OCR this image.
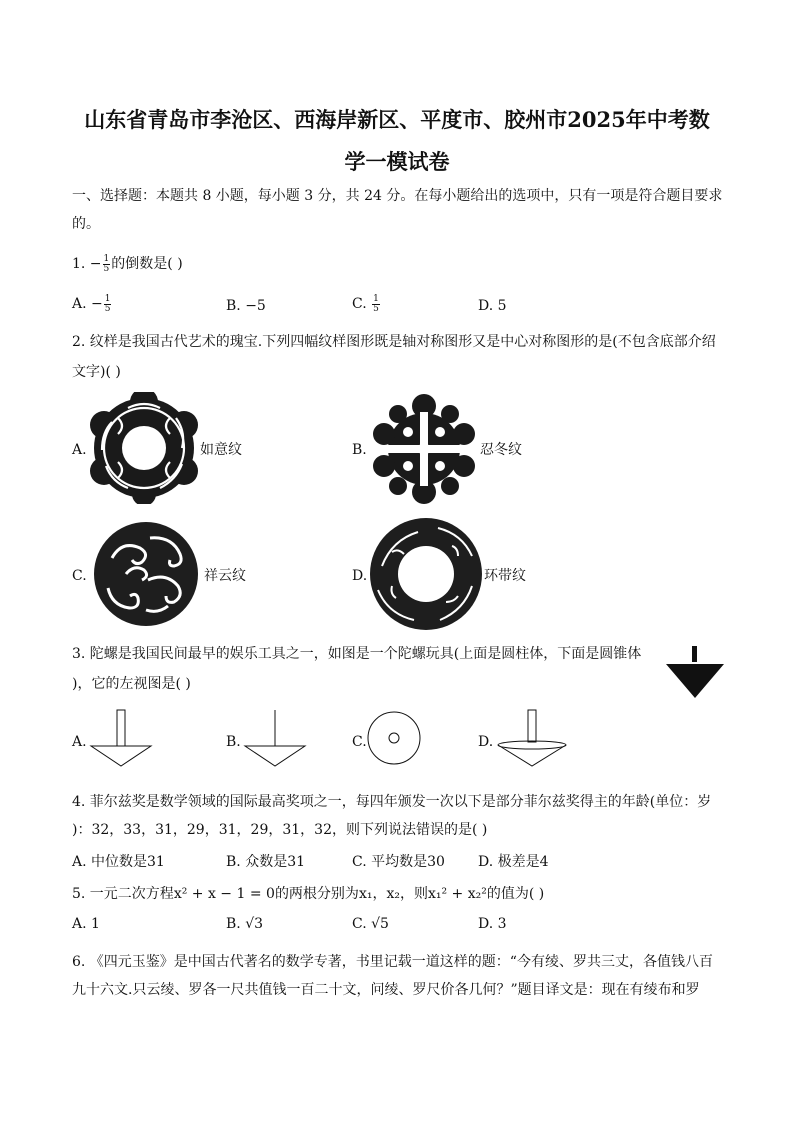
山东省青岛市李沧区、西海岸新区、平度市、胶州市2025年中考数
学一模试卷
一、选择题：本题共 8 小题，每小题 3 分，共 24 分。在每小题给出的选项中，只有一项是符合题目要求
的。
1. − $\frac{1}{5}$ 的倒数是( )
A. − $\frac{1}{5}$	B. −5	C. $\frac{1}{5}$	D. 5
2. 纹样是我国古代艺术的瑰宝.下列四幅纹样图形既是轴对称图形又是中心对称图形的是(不包含底部介绍
文字)( )
A.	如意纹	B.	忍冬纹
C.	祥云纹	D.	环带纹
3. 陀螺是我国民间最早的娱乐工具之一，如图是一个陀螺玩具(上面是圆柱体，下面是圆锥体
)，它的左视图是( )
A.	B.	C.	D.
4. 菲尔兹奖是数学领域的国际最高奖项之一，每四年颁发一次以下是部分菲尔兹奖得主的年龄(单位：岁
)：32，33，31，29，31，29，31，32，则下列说法错误的是( )
A. 中位数是31	B. 众数是31	C. 平均数是30 D. 极差是4
5. 一元二次方程x² + x − 1 = 0的两根分别为x₁，x₂，则x₁² + x₂²的值为( )
A. 1	B. √3	C. √5	D. 3
6. 《四元玉鉴》是中国古代著名的数学专著，书里记载一道这样的题：“今有绫、罗共三丈，各值钱八百
九十六文.只云绫、罗各一尺共值钱一百二十文，问绫、罗尺价各几何？”题目译文是：现在有绫布和罗
